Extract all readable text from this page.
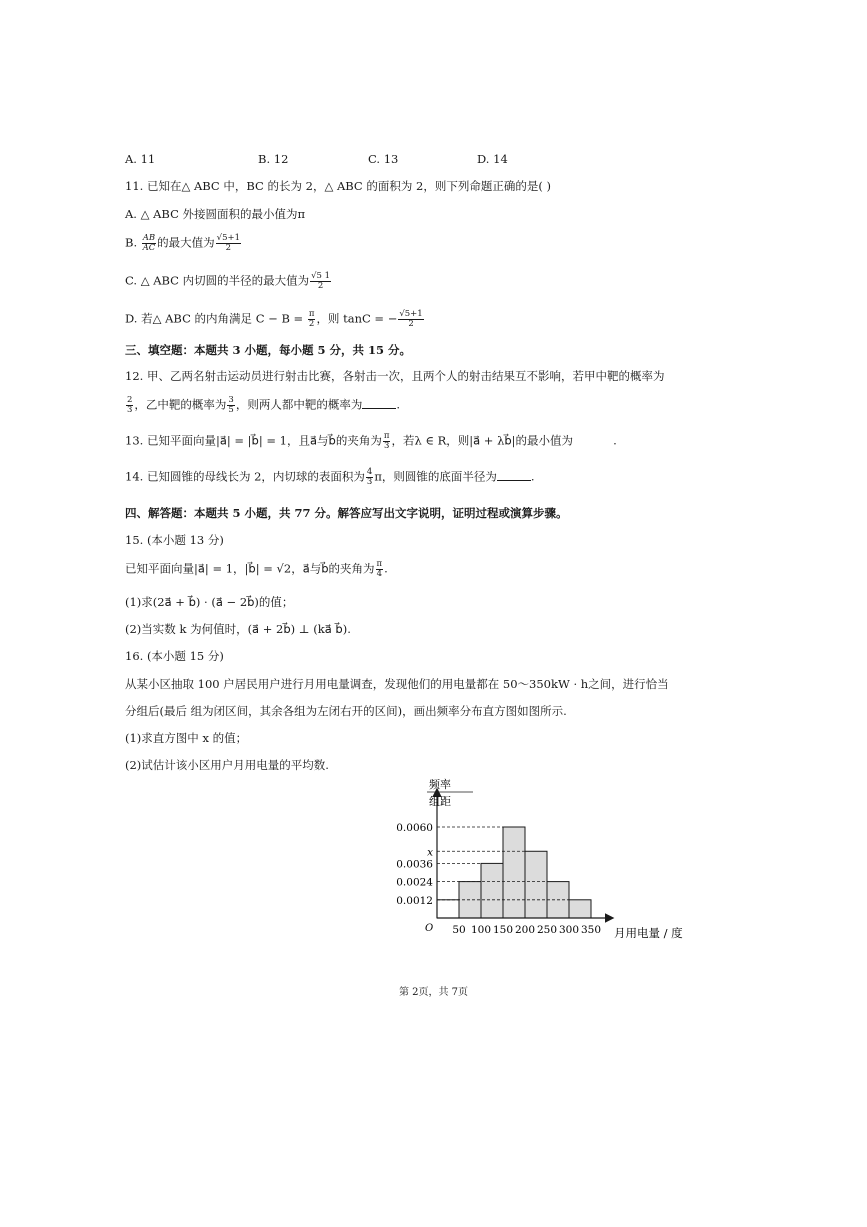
A. 11	B. 12	C. 13	D. 14
11. 已知在△ ABC 中，BC 的长为 2，△ ABC 的面积为 2，则下列命题正确的是( )
A. △ ABC 外接圆面积的最小值为π
B. $\frac{AB}{AC}$ 的最大值为 $\frac{√5+1}{2}$
C. △ ABC 内切圆的半径的最大值为 $\frac{√5 1}{2}$
D. 若△ ABC 的内角满足 $C - B = \frac{\pi}{2}$ ，则 tanC = − $\frac{√5+1}{2}$
三、填空题：本题共 3 小题，每小题 5 分，共 15 分。
12. 甲、乙两名射击运动员进行射击比赛，各射击一次，且两个人的射击结果互不影响，若甲中靶的概率为
$\frac{2}{3}$ ，乙中靶的概率为 $\frac{3}{5}$ ，则两人都中靶的概率为	.
13. 已知平面向量|a⃗| = |b⃗| = 1，且a⃗与b⃗的夹角为 $\frac{\pi}{3}$ ，若λ ∈ R，则|a⃗ + λb⃗|的最小值为	.
14. 已知圆锥的母线长为 2，内切球的表面积为 $\frac{4}{3}$ π，则圆锥的底面半径为	.
四、解答题：本题共 5 小题，共 77 分。解答应写出文字说明，证明过程或演算步骤。
15. (本小题 13 分)
已知平面向量|a⃗| = 1，|b⃗| = √2，a⃗与b⃗的夹角为 $\frac{\pi}{4}$ .
(1)求(2a⃗ + b⃗) · (a⃗ − 2b⃗)的值；
(2)当实数 k 为何值时，(a⃗ + 2b⃗) ⊥ (ka⃗ b⃗).
16. (本小题 15 分)
从某小区抽取 100 户居民用户进行月用电量调查，发现他们的用电量都在 50～350kW · h之间，进行恰当
分组后(最后 组为闭区间，其余各组为左闭右开的区间)，画出频率分布直方图如图所示.
(1)求直方图中 x 的值；
(2)试估计该小区用户月用电量的平均数.
0.0060
x
0.0036
0.0024
0.0012
50 100 150 200 250 300 350
O
频率
组距
月用电量 / 度
第 2页，共 7页
